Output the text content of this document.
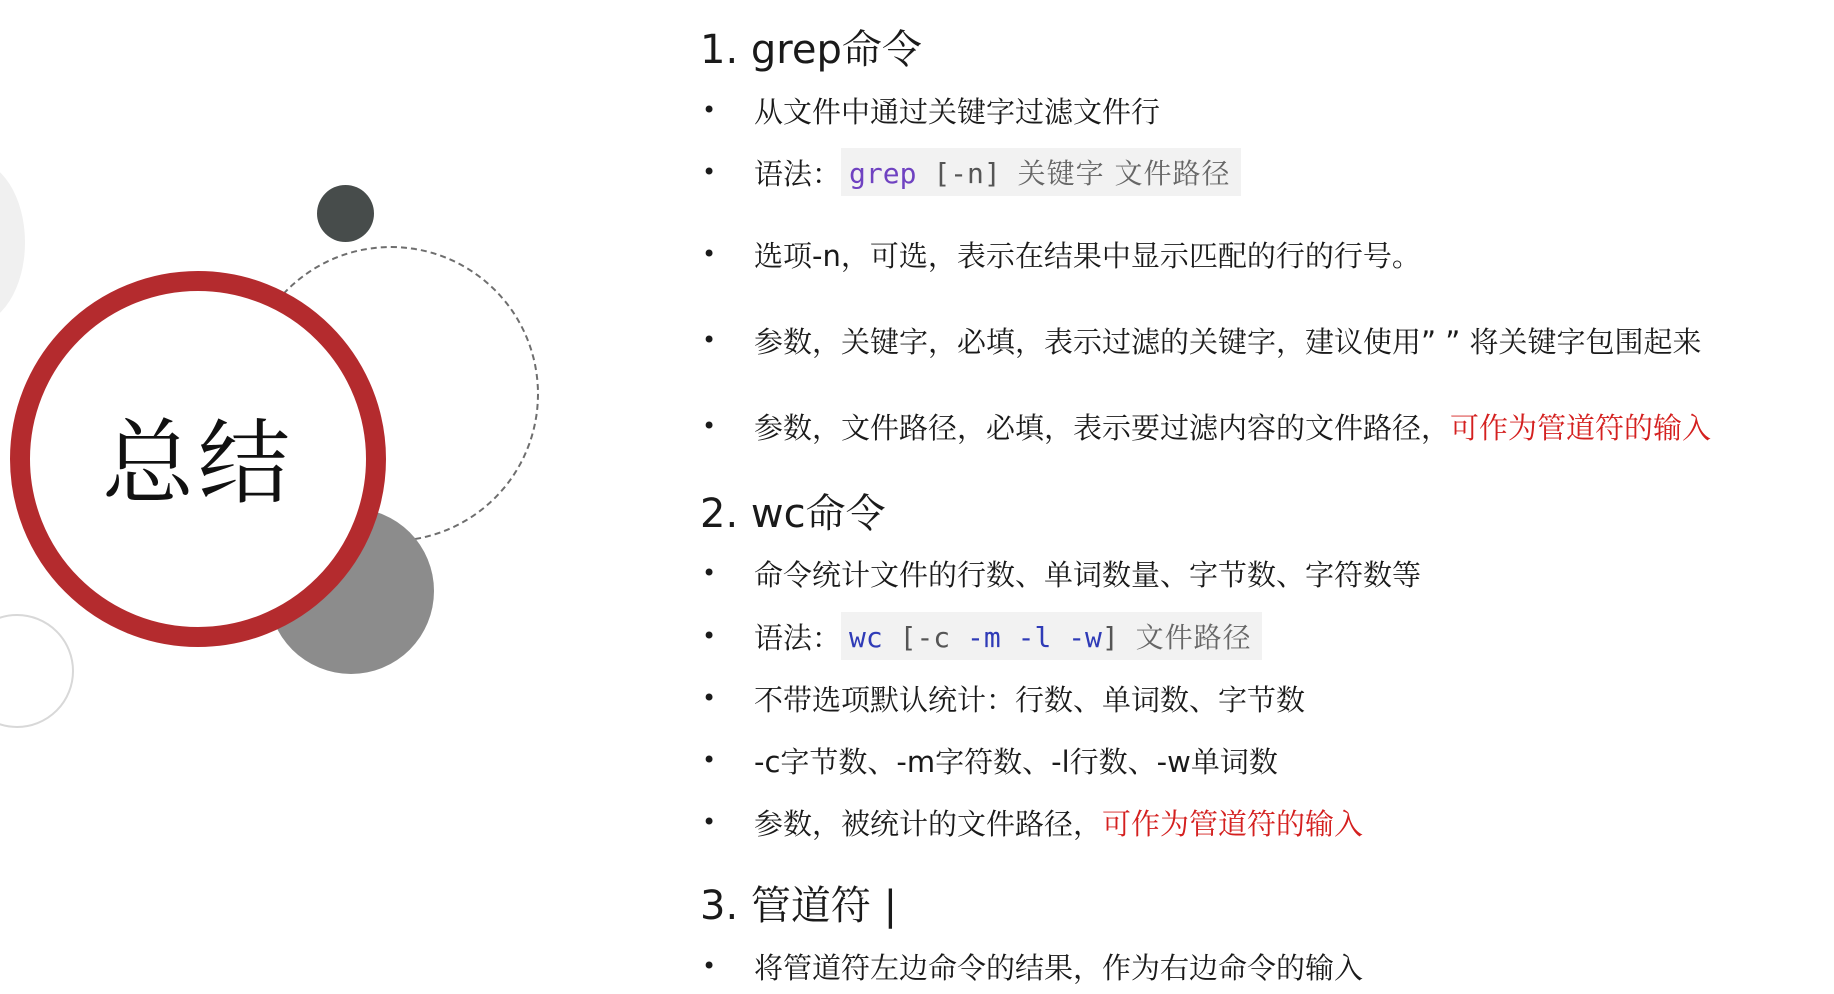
总结
1. grep命令
•	从文件中通过关键字过滤文件行
•	语法： grep [-n] 关键字 文件路径
•	选项-n，可选，表示在结果中显示匹配的行的行号。
•	参数，关键字，必填，表示过滤的关键字，建议使用” ” 将关键字包围起来
•	参数，文件路径，必填，表示要过滤内容的文件路径， 可作为管道符的输入
2. wc命令
•	命令统计文件的行数、单词数量、字节数、字符数等
•	语法： wc [-c -m -l -w] 文件路径
•	不带选项默认统计：行数、单词数、字节数
•	-c字节数、-m字符数、-l行数、-w单词数
•	参数，被统计的文件路径， 可作为管道符的输入
3. 管道符 |
•	将管道符左边命令的结果，作为右边命令的输入
